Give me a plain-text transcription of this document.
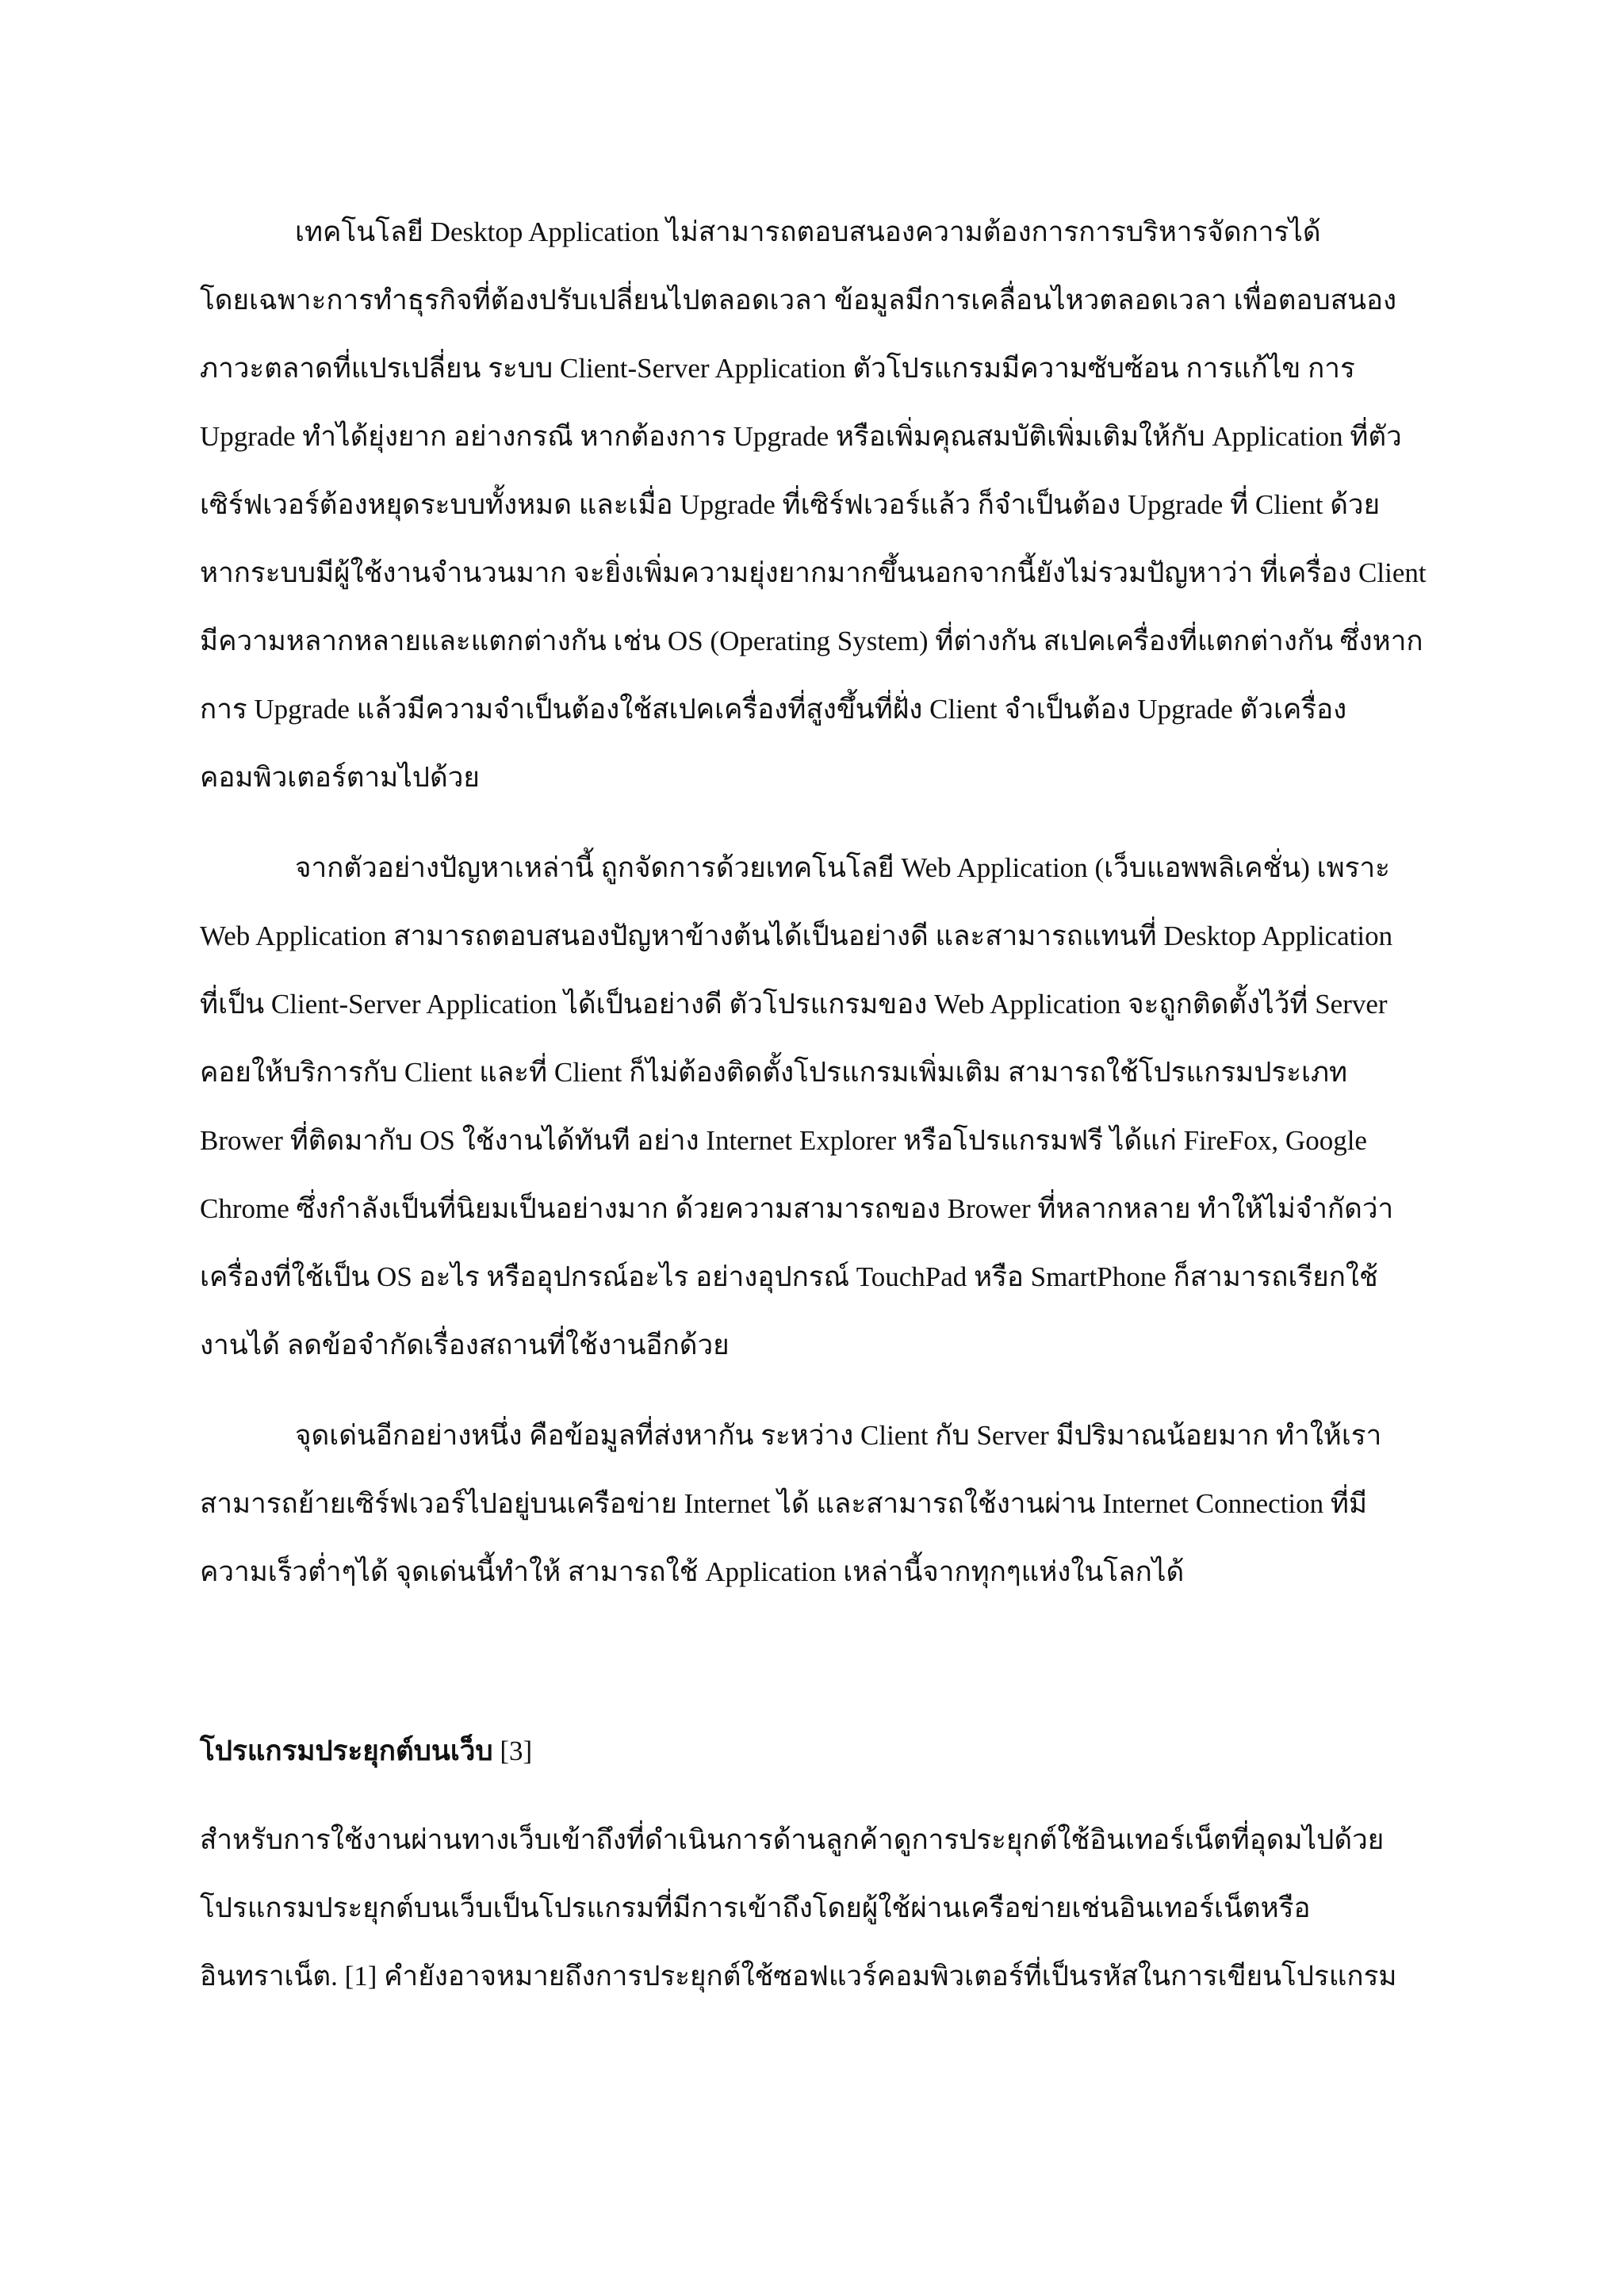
เทคโนโลยี Desktop Application ไม่สามารถตอบสนองความต้องการการบริหารจัดการได้
โดยเฉพาะการทำธุรกิจที่ต้องปรับเปลี่ยนไปตลอดเวลา ข้อมูลมีการเคลื่อนไหวตลอดเวลา เพื่อตอบสนอง
ภาวะตลาดที่แปรเปลี่ยน ระบบ Client-Server Application ตัวโปรแกรมมีความซับซ้อน การแก้ไข การ
Upgrade ทำได้ยุ่งยาก อย่างกรณี หากต้องการ Upgrade หรือเพิ่มคุณสมบัติเพิ่มเติมให้กับ Application ที่ตัว
เซิร์ฟเวอร์ต้องหยุดระบบทั้งหมด และเมื่อ Upgrade ที่เซิร์ฟเวอร์แล้ว ก็จำเป็นต้อง Upgrade ที่ Client ด้วย
หากระบบมีผู้ใช้งานจำนวนมาก จะยิ่งเพิ่มความยุ่งยากมากขึ้นนอกจากนี้ยังไม่รวมปัญหาว่า ที่เครื่อง Client
มีความหลากหลายและแตกต่างกัน เช่น OS (Operating System) ที่ต่างกัน สเปคเครื่องที่แตกต่างกัน ซึ่งหาก
การ Upgrade แล้วมีความจำเป็นต้องใช้สเปคเครื่องที่สูงขึ้นที่ฝั่ง Client จำเป็นต้อง Upgrade ตัวเครื่อง
คอมพิวเตอร์ตามไปด้วย
จากตัวอย่างปัญหาเหล่านี้ ถูกจัดการด้วยเทคโนโลยี Web Application (เว็บแอพพลิเคชั่น) เพราะ
Web Application สามารถตอบสนองปัญหาข้างต้นได้เป็นอย่างดี และสามารถแทนที่ Desktop Application
ที่เป็น Client-Server Application ได้เป็นอย่างดี ตัวโปรแกรมของ Web Application จะถูกติดตั้งไว้ที่ Server
คอยให้บริการกับ Client และที่ Client ก็ไม่ต้องติดตั้งโปรแกรมเพิ่มเติม สามารถใช้โปรแกรมประเภท
Brower ที่ติดมากับ OS ใช้งานได้ทันที อย่าง Internet Explorer หรือโปรแกรมฟรี ได้แก่ FireFox, Google
Chrome ซึ่งกำลังเป็นที่นิยมเป็นอย่างมาก ด้วยความสามารถของ Brower ที่หลากหลาย ทำให้ไม่จำกัดว่า
เครื่องที่ใช้เป็น OS อะไร หรืออุปกรณ์อะไร อย่างอุปกรณ์ TouchPad หรือ SmartPhone ก็สามารถเรียกใช้
งานได้ ลดข้อจำกัดเรื่องสถานที่ใช้งานอีกด้วย
จุดเด่นอีกอย่างหนึ่ง คือข้อมูลที่ส่งหากัน ระหว่าง Client กับ Server มีปริมาณน้อยมาก ทำให้เรา
สามารถย้ายเซิร์ฟเวอร์ไปอยู่บนเครือข่าย Internet ได้ และสามารถใช้งานผ่าน Internet Connection ที่มี
ความเร็วต่ำๆได้ จุดเด่นนี้ทำให้ สามารถใช้ Application เหล่านี้จากทุกๆแห่งในโลกได้
โปรแกรมประยุกต์บนเว็บ [3]
สำหรับการใช้งานผ่านทางเว็บเข้าถึงที่ดำเนินการด้านลูกค้าดูการประยุกต์ใช้อินเทอร์เน็ตที่อุดมไปด้วย
โปรแกรมประยุกต์บนเว็บเป็นโปรแกรมที่มีการเข้าถึงโดยผู้ใช้ผ่านเครือข่ายเช่นอินเทอร์เน็ตหรือ
อินทราเน็ต. [1] คำยังอาจหมายถึงการประยุกต์ใช้ซอฟแวร์คอมพิวเตอร์ที่เป็นรหัสในการเขียนโปรแกรม
